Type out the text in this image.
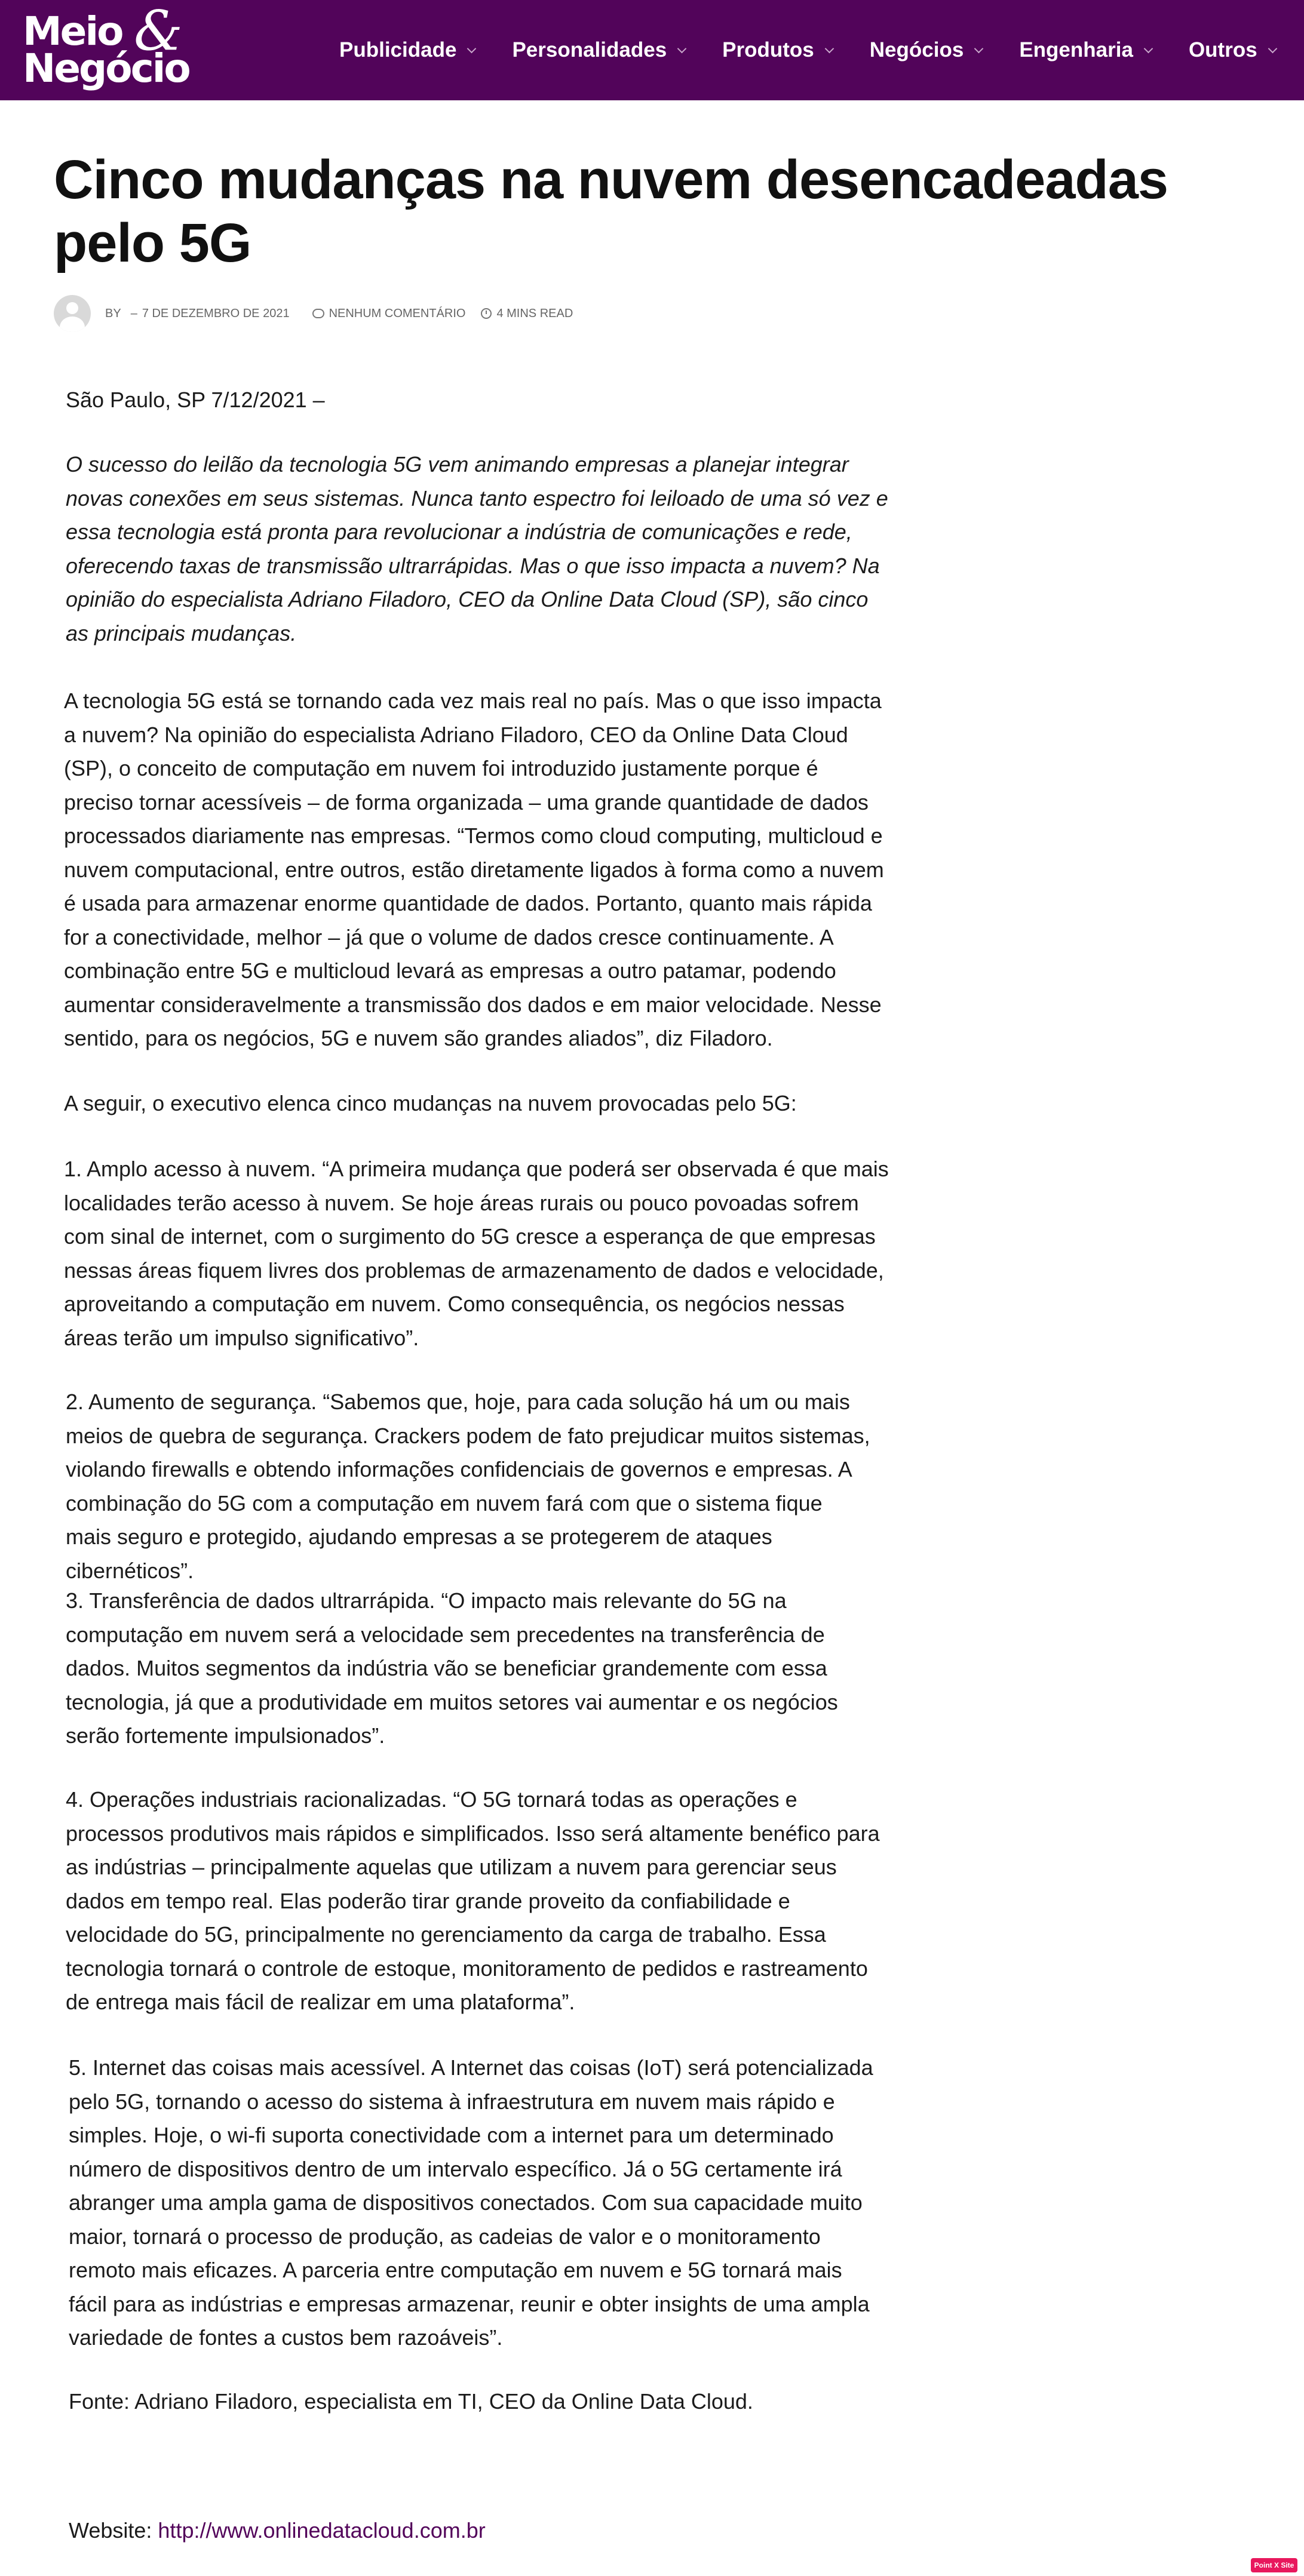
Meio &
Negócio	Publicidade	Personalidades	Produtos	Negócios	Engenharia	Outros
Cinco mudanças na nuvem desencadeadas pelo 5G
BY – 7 DE DEZEMBRO DE 2021	NENHUM COMENTÁRIO	4 MINS READ

São Paulo, SP 7/12/2021 –

O sucesso do leilão da tecnologia 5G vem animando empresas a planejar integrar novas conexões em seus sistemas. Nunca tanto espectro foi leiloado de uma só vez e essa tecnologia está pronta para revolucionar a indústria de comunicações e rede, oferecendo taxas de transmissão ultrarrápidas. Mas o que isso impacta a nuvem? Na opinião do especialista Adriano Filadoro, CEO da Online Data Cloud (SP), são cinco as principais mudanças.

A tecnologia 5G está se tornando cada vez mais real no país. Mas o que isso impacta a nuvem? Na opinião do especialista Adriano Filadoro, CEO da Online Data Cloud (SP), o conceito de computação em nuvem foi introduzido justamente porque é preciso tornar acessíveis – de forma organizada – uma grande quantidade de dados processados diariamente nas empresas. “Termos como cloud computing, multicloud e nuvem computacional, entre outros, estão diretamente ligados à forma como a nuvem é usada para armazenar enorme quantidade de dados. Portanto, quanto mais rápida for a conectividade, melhor – já que o volume de dados cresce continuamente. A combinação entre 5G e multicloud levará as empresas a outro patamar, podendo aumentar consideravelmente a transmissão dos dados e em maior velocidade. Nesse sentido, para os negócios, 5G e nuvem são grandes aliados”, diz Filadoro.

A seguir, o executivo elenca cinco mudanças na nuvem provocadas pelo 5G:

1. Amplo acesso à nuvem. “A primeira mudança que poderá ser observada é que mais localidades terão acesso à nuvem. Se hoje áreas rurais ou pouco povoadas sofrem com sinal de internet, com o surgimento do 5G cresce a esperança de que empresas nessas áreas fiquem livres dos problemas de armazenamento de dados e velocidade, aproveitando a computação em nuvem. Como consequência, os negócios nessas áreas terão um impulso significativo”.

2. Aumento de segurança. “Sabemos que, hoje, para cada solução há um ou mais meios de quebra de segurança. Crackers podem de fato prejudicar muitos sistemas, violando firewalls e obtendo informações confidenciais de governos e empresas. A combinação do 5G com a computação em nuvem fará com que o sistema fique mais seguro e protegido, ajudando empresas a se protegerem de ataques cibernéticos”.

3. Transferência de dados ultrarrápida. “O impacto mais relevante do 5G na computação em nuvem será a velocidade sem precedentes na transferência de dados. Muitos segmentos da indústria vão se beneficiar grandemente com essa tecnologia, já que a produtividade em muitos setores vai aumentar e os negócios serão fortemente impulsionados”.

4. Operações industriais racionalizadas. “O 5G tornará todas as operações e processos produtivos mais rápidos e simplificados. Isso será altamente benéfico para as indústrias – principalmente aquelas que utilizam a nuvem para gerenciar seus dados em tempo real. Elas poderão tirar grande proveito da confiabilidade e velocidade do 5G, principalmente no gerenciamento da carga de trabalho. Essa tecnologia tornará o controle de estoque, monitoramento de pedidos e rastreamento de entrega mais fácil de realizar em uma plataforma”.

5. Internet das coisas mais acessível. A Internet das coisas (IoT) será potencializada pelo 5G, tornando o acesso do sistema à infraestrutura em nuvem mais rápido e simples. Hoje, o wi-fi suporta conectividade com a internet para um determinado número de dispositivos dentro de um intervalo específico. Já o 5G certamente irá abranger uma ampla gama de dispositivos conectados. Com sua capacidade muito maior, tornará o processo de produção, as cadeias de valor e o monitoramento remoto mais eficazes. A parceria entre computação em nuvem e 5G tornará mais fácil para as indústrias e empresas armazenar, reunir e obter insights de uma ampla variedade de fontes a custos bem razoáveis”.

Fonte: Adriano Filadoro, especialista em TI, CEO da Online Data Cloud.

Website: http://www.onlinedatacloud.com.br

Point X Site
